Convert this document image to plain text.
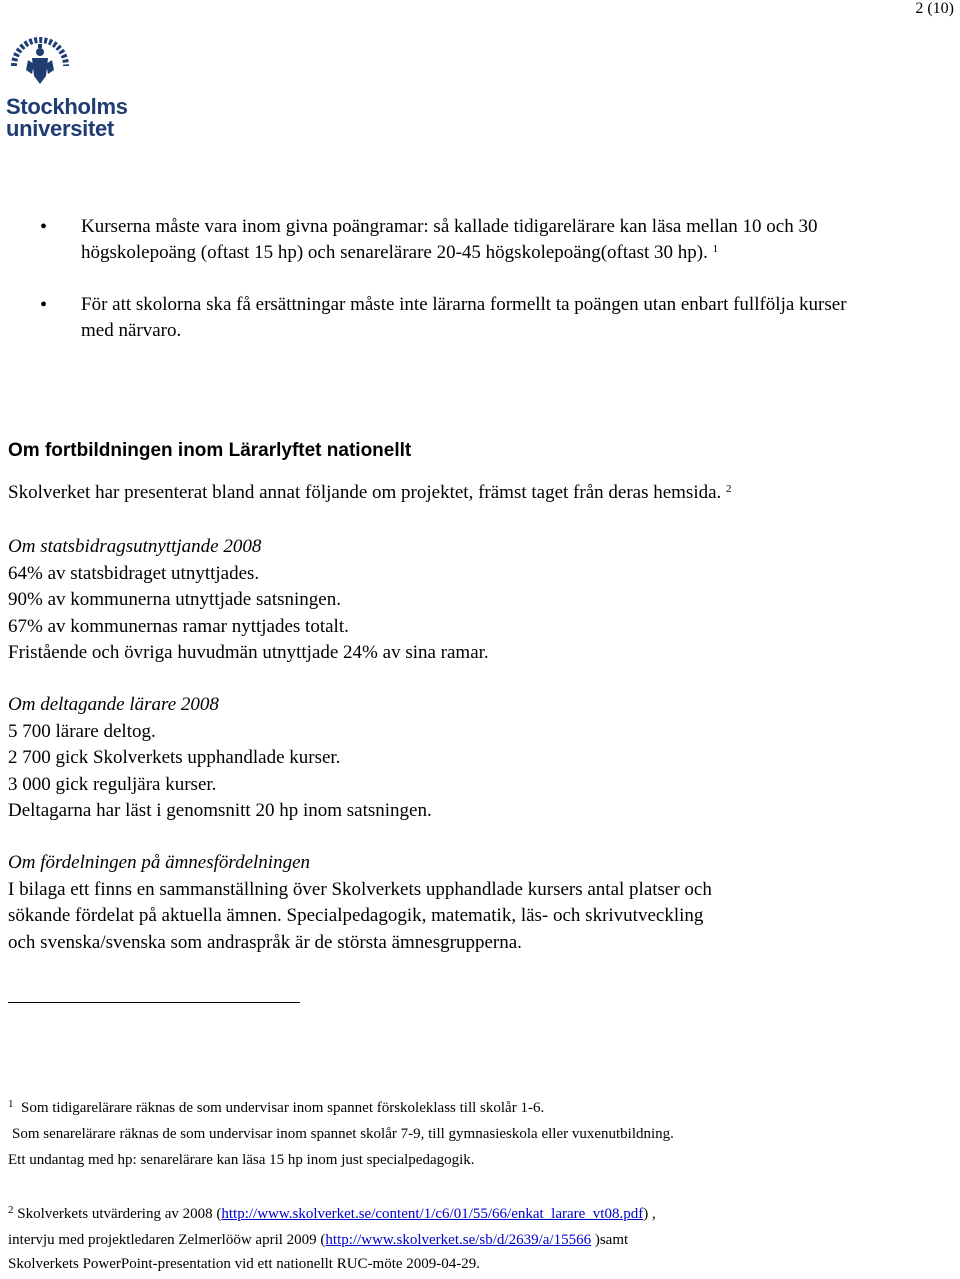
2 (10)
Stockholms
universitet
• Kurserna måste vara inom givna poängramar: så kallade tidigarelärare kan läsa mellan 10 och 30 högskolepoäng (oftast 15 hp) och senarelärare 20-45 högskolepoäng(oftast 30 hp). $^1$
• För att skolorna ska få ersättningar måste inte lärarna formellt ta poängen utan enbart fullfölja kurser med närvaro.
Om fortbildningen inom Lärarlyftet nationellt
Skolverket har presenterat bland annat följande om projektet, främst taget från deras hemsida. $^2$
Om statsbidragsutnyttjande 2008
64% av statsbidraget utnyttjades.
90% av kommunerna utnyttjade satsningen.
67% av kommunernas ramar nyttjades totalt.
Fristående och övriga huvudmän utnyttjade 24% av sina ramar.
Om deltagande lärare 2008
5 700 lärare deltog.
2 700 gick Skolverkets upphandlade kurser.
3 000 gick reguljära kurser.
Deltagarna har läst i genomsnitt 20 hp inom satsningen.
Om fördelningen på ämnesfördelningen
I bilaga ett finns en sammanställning över Skolverkets upphandlade kursers antal platser och
sökande fördelat på aktuella ämnen. Specialpedagogik, matematik, läs- och skrivutveckling
och svenska/svenska som andraspråk är de största ämnesgrupperna.
$^1$ Som tidigarelärare räknas de som undervisar inom spannet förskoleklass till skolår 1-6.
Som senarelärare räknas de som undervisar inom spannet skolår 7-9, till gymnasieskola eller vuxenutbildning.
Ett undantag med hp: senarelärare kan läsa 15 hp inom just specialpedagogik.
$^2$ Skolverkets utvärdering av 2008 (http://www.skolverket.se/content/1/c6/01/55/66/enkat_larare_vt08.pdf) ,
intervju med projektledaren Zelmerlööw april 2009 (http://www.skolverket.se/sb/d/2639/a/15566 )samt
Skolverkets PowerPoint-presentation vid ett nationellt RUC-möte 2009-04-29.
